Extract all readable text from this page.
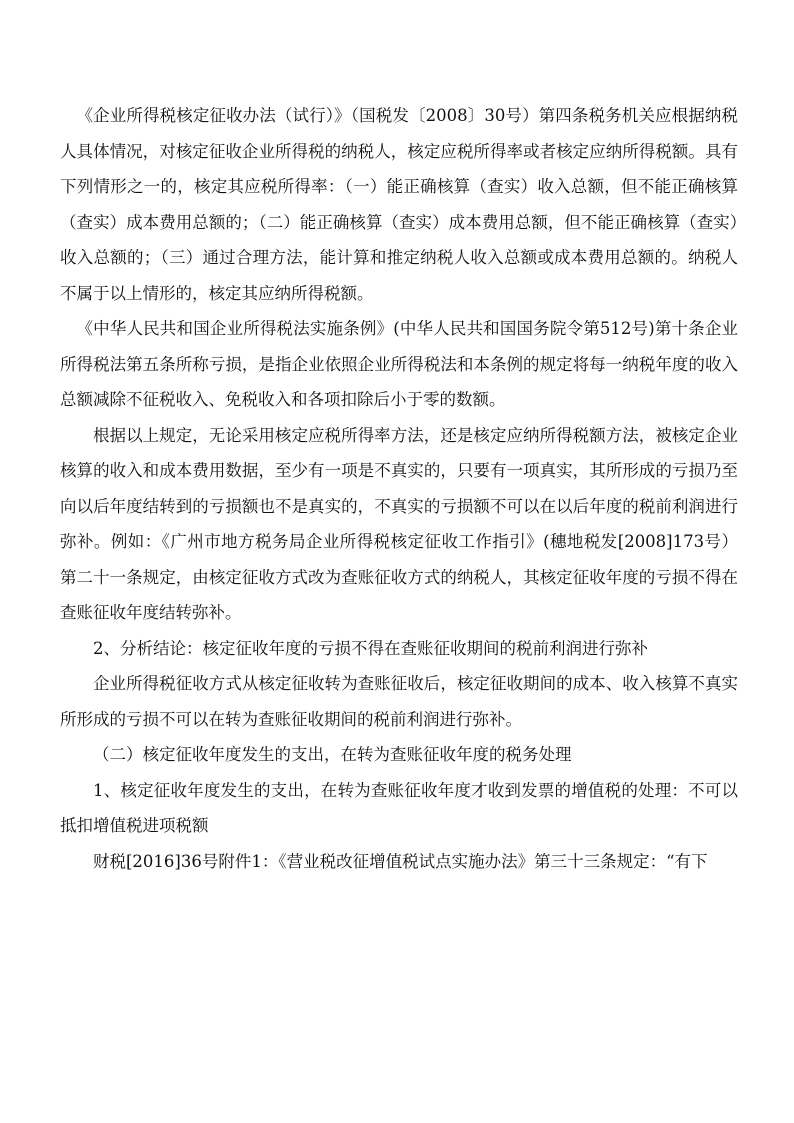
《企业所得税核定征收办法（试行）》（国税发〔2008〕30号）第四条税务机关应根据纳税人具体情况，对核定征收企业所得税的纳税人，核定应税所得率或者核定应纳所得税额。具有下列情形之一的，核定其应税所得率：（一）能正确核算（查实）收入总额，但不能正确核算（查实）成本费用总额的；（二）能正确核算（查实）成本费用总额，但不能正确核算（查实）收入总额的；（三）通过合理方法，能计算和推定纳税人收入总额或成本费用总额的。纳税人不属于以上情形的，核定其应纳所得税额。

《中华人民共和国企业所得税法实施条例》(中华人民共和国国务院令第512号)第十条企业所得税法第五条所称亏损，是指企业依照企业所得税法和本条例的规定将每一纳税年度的收入总额减除不征税收入、免税收入和各项扣除后小于零的数额。

根据以上规定，无论采用核定应税所得率方法，还是核定应纳所得税额方法，被核定企业核算的收入和成本费用数据，至少有一项是不真实的，只要有一项真实，其所形成的亏损乃至向以后年度结转到的亏损额也不是真实的，不真实的亏损额不可以在以后年度的税前利润进行弥补。例如：《广州市地方税务局企业所得税核定征收工作指引》(穗地税发[2008]173号）第二十一条规定，由核定征收方式改为查账征收方式的纳税人，其核定征收年度的亏损不得在查账征收年度结转弥补。

2、分析结论：核定征收年度的亏损不得在查账征收期间的税前利润进行弥补

企业所得税征收方式从核定征收转为查账征收后，核定征收期间的成本、收入核算不真实所形成的亏损不可以在转为查账征收期间的税前利润进行弥补。

（二）核定征收年度发生的支出，在转为查账征收年度的税务处理

1、核定征收年度发生的支出，在转为查账征收年度才收到发票的增值税的处理：不可以抵扣增值税进项税额

财税[2016]36号附件1：《营业税改征增值税试点实施办法》第三十三条规定：“有下
